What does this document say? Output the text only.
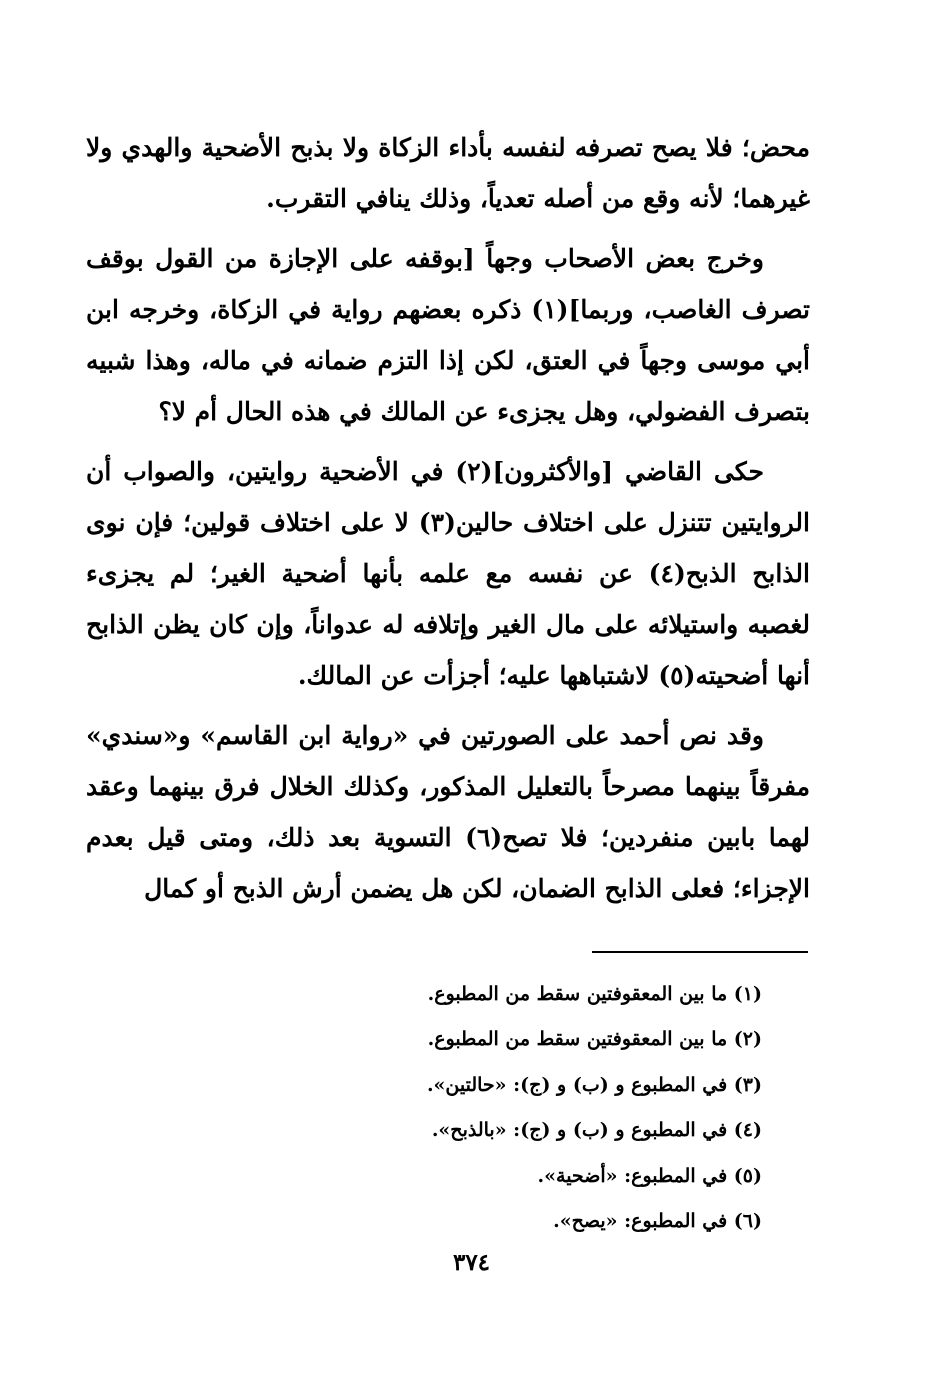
محض؛ فلا يصح تصرفه لنفسه بأداء الزكاة ولا بذبح الأضحية والهدي ولا غيرهما؛ لأنه وقع من أصله تعدياً، وذلك ينافي التقرب.

وخرج بعض الأصحاب وجهاً [بوقفه على الإجازة من القول بوقف تصرف الغاصب، وربما](١) ذكره بعضهم رواية في الزكاة، وخرجه ابن أبي موسى وجهاً في العتق، لكن إذا التزم ضمانه في ماله، وهذا شبيه بتصرف الفضولي، وهل يجزىء عن المالك في هذه الحال أم لا؟

حكى القاضي [والأكثرون](٢) في الأضحية روايتين، والصواب أن الروايتين تتنزل على اختلاف حالين(٣) لا على اختلاف قولين؛ فإن نوى الذابح الذبح(٤) عن نفسه مع علمه بأنها أضحية الغير؛ لم يجزىء لغصبه واستيلائه على مال الغير وإتلافه له عدواناً، وإن كان يظن الذابح أنها أضحيته(٥) لاشتباهها عليه؛ أجزأت عن المالك.

وقد نص أحمد على الصورتين في «رواية ابن القاسم» و«سندي» مفرقاً بينهما مصرحاً بالتعليل المذكور، وكذلك الخلال فرق بينهما وعقد لهما بابين منفردين؛ فلا تصح(٦) التسوية بعد ذلك، ومتى قيل بعدم الإجزاء؛ فعلى الذابح الضمان، لكن هل يضمن أرش الذبح أو كمال

(١) ما بين المعقوفتين سقط من المطبوع.

(٢) ما بين المعقوفتين سقط من المطبوع.

(٣) في المطبوع و (ب) و (ج): «حالتين».

(٤) في المطبوع و (ب) و (ج): «بالذبح».

(٥) في المطبوع: «أضحية».

(٦) في المطبوع: «يصح».

٣٧٤
